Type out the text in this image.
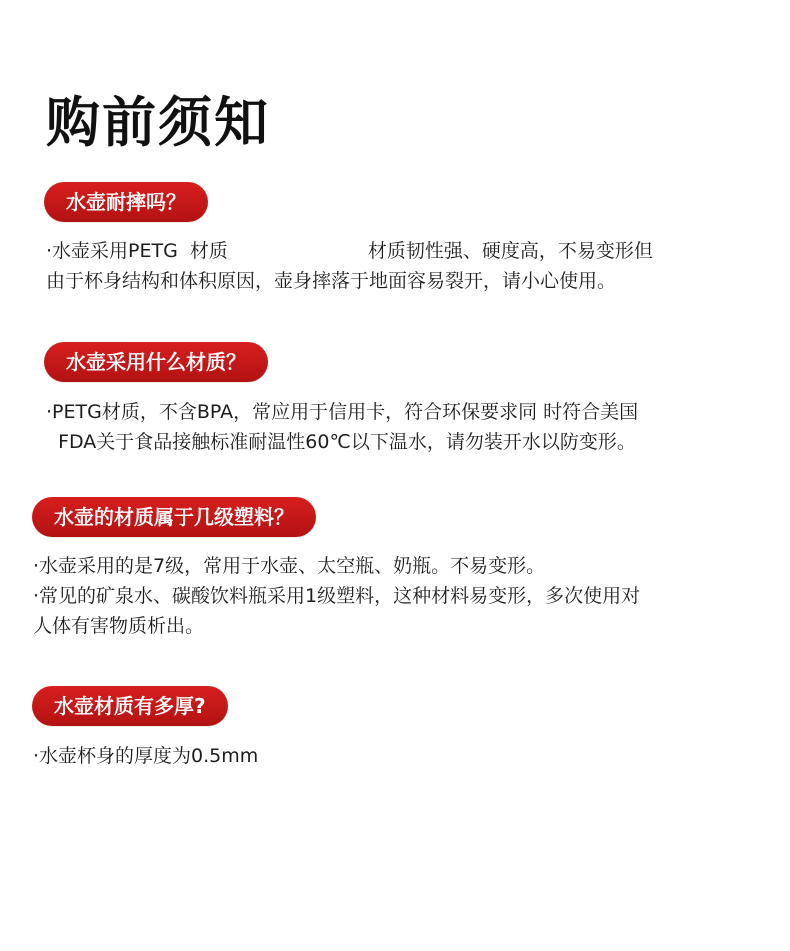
购前须知
水壶耐摔吗？
·水壶采用PETG  材质	材质韧性强、硬度高，不易变形但
由于杯身结构和体积原因，壶身摔落于地面容易裂开，请小心使用。
水壶采用什么材质？
·PETG材质，不含BPA，常应用于信用卡，符合环保要求同 时符合美国
FDA关于食品接触标准耐温性60℃以下温水，请勿装开水以防变形。
水壶的材质属于几级塑料？
·水壶采用的是7级，常用于水壶、太空瓶、奶瓶。不易变形。
·常见的矿泉水、碳酸饮料瓶采用1级塑料，这种材料易变形，多次使用对
人体有害物质析出。
水壶材质有多厚?
·水壶杯身的厚度为0.5mm
